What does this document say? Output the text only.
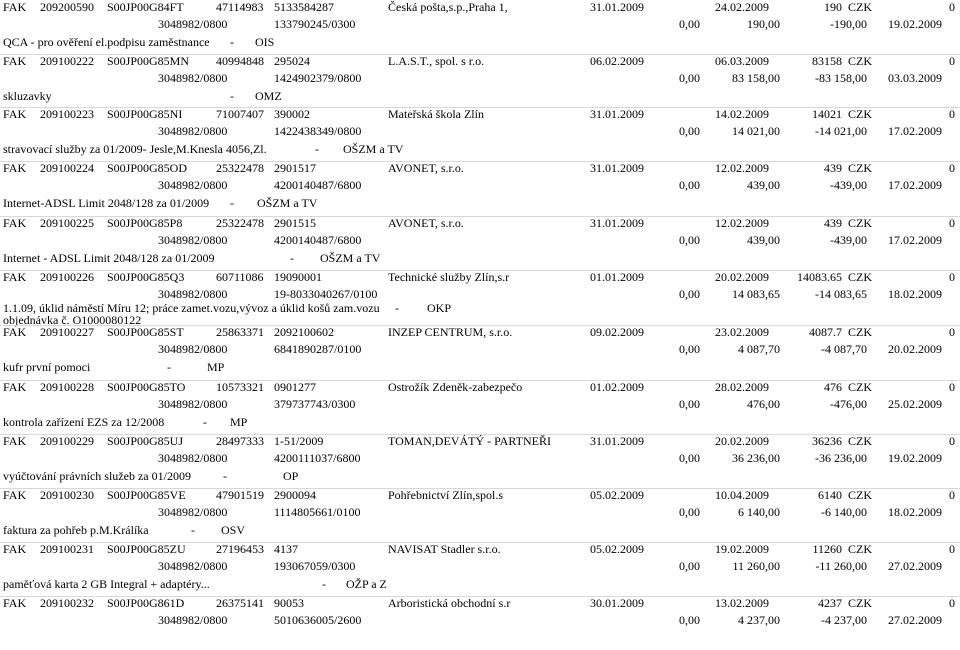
FAK 209200590 S00JP00G84FT	47114983 5133584287	Česká pošta,s.p.,Praha 1,	31.01.2009	24.02.2009	190 CZK	0
3048982/0800	133790245/0300	0,00	190,00	-190,00 19.02.2009
QCA - pro ověření el.podpisu zaměstnance - OIS
FAK 209100222 S00JP00G85MN 40994848 295024	L.A.S.T., spol. s r.o.	06.02.2009	06.03.2009	83158 CZK	0
3048982/0800	1424902379/0800	0,00	83 158,00	-83 158,00 03.03.2009
skluzavky	- OMZ
FAK 209100223 S00JP00G85NI	71007407 390002	Mateřská škola Zlín	31.01.2009	14.02.2009	14021 CZK	0
3048982/0800	1422438349/0800	0,00	14 021,00	-14 021,00 17.02.2009
stravovací služby za 01/2009- Jesle,M.Knesla 4056,Zl.	- OŠZM a TV
FAK 209100224 S00JP00G85OD 25322478 2901517	AVONET, s.r.o.	31.01.2009	12.02.2009	439 CZK	0
3048982/0800	4200140487/6800	0,00	439,00	-439,00 17.02.2009
Internet-ADSL Limit 2048/128 za 01/2009 - OŠZM a TV
FAK 209100225 S00JP00G85P8	25322478 2901515	AVONET, s.r.o.	31.01.2009	12.02.2009	439 CZK	0
3048982/0800	4200140487/6800	0,00	439,00	-439,00 17.02.2009
Internet - ADSL Limit 2048/128 za 01/2009	- OŠZM a TV
FAK 209100226 S00JP00G85Q3	60711086 19090001	Technické služby Zlín,s.r	01.01.2009	20.02.2009	14083.65 CZK	0
3048982/0800	19-8033040267/0100	0,00	14 083,65	-14 083,65 18.02.2009
1.1.09, úklid náměstí Míru 12; práce zamet.vozu,vývoz a úklid košů zam.vozu - OKP
objednávka č. O1000080122
FAK 209100227 S00JP00G85ST	25863371 2092100602	INZEP CENTRUM, s.r.o.	09.02.2009	23.02.2009	4087.7 CZK	0
3048982/0800	6841890287/0100	0,00	4 087,70	-4 087,70 20.02.2009
kufr první pomoci	-	MP
FAK 209100228 S00JP00G85TO	10573321 0901277	Ostrožík Zdeněk-zabezpečo	01.02.2009	28.02.2009	476 CZK	0
3048982/0800	379737743/0300	0,00	476,00	-476,00 25.02.2009
kontrola zařízení EZS za 12/2008	- MP
FAK 209100229 S00JP00G85UJ	28497333 1-51/2009	TOMAN,DEVÁTÝ - PARTNEŘI	31.01.2009	20.02.2009	36236 CZK	0
3048982/0800	4200111037/6800	0,00	36 236,00	-36 236,00 19.02.2009
vyúčtování právních služeb za 01/2009	-	OP
FAK 209100230 S00JP00G85VE	47901519 2900094	Pohřebnictví Zlín,spol.s	05.02.2009	10.04.2009	6140 CZK	0
3048982/0800	1114805661/0100	0,00	6 140,00	-6 140,00 18.02.2009
faktura za pohřeb p.M.Králíka	- OSV
FAK 209100231 S00JP00G85ZU	27196453 4137	NAVISAT Stadler s.r.o.	05.02.2009	19.02.2009	11260 CZK	0
3048982/0800	193067059/0300	0,00	11 260,00	-11 260,00 27.02.2009
paměťová karta 2 GB Integral + adaptéry...	- OŽP a Z
FAK 209100232 S00JP00G861D	26375141 90053	Arboristická obchodní s.r	30.01.2009	13.02.2009	4237 CZK	0
3048982/0800	5010636005/2600	0,00	4 237,00	-4 237,00 27.02.2009
